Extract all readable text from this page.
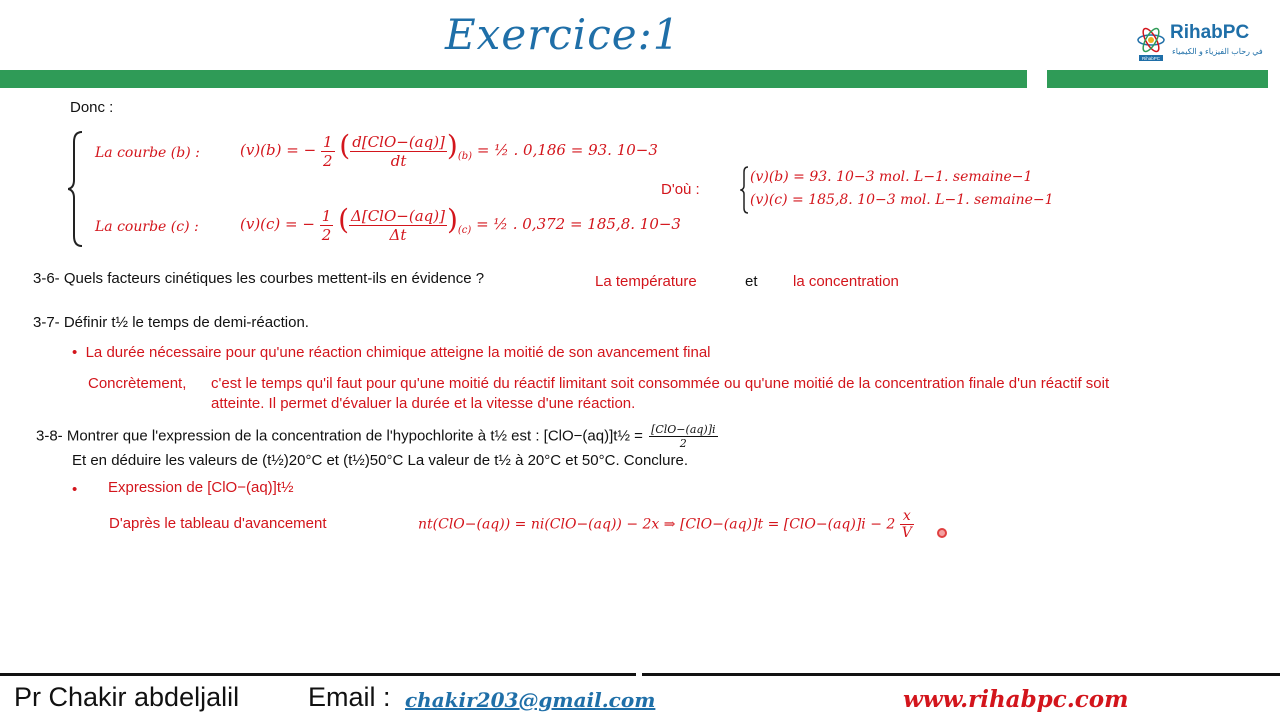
Exercice:1	RihabPC
RihabPC
في رحاب الفيزياء و الكيمياء
Donc :
La courbe (b) :	(v)(b) = − $\frac{1}{2}$ ( $\frac{\text{d[ClO−(aq)]}}{dt} )_{(b)}$ = ½ . 0,186 = 93. 10−3
La courbe (c) :	(v)(c) = − $\frac{1}{2}$ ( $\frac{\text{Δ[ClO−(aq)]}}{\Delta t} )_{(c)}$ = ½ . 0,372 = 185,8. 10−3
D'où :
(v)(b) = 93. 10−3 mol. L−1. semaine−1
(v)(c) = 185,8. 10−3 mol. L−1. semaine−1
3-6- Quels facteurs cinétiques les courbes mettent-ils en évidence ?	La température	et la concentration
3-7- Définir t½ le temps de demi-réaction.
•  La durée nécessaire pour qu'une réaction chimique atteigne la moitié de son avancement final
Concrètement, c'est le temps qu'il faut pour qu'une moitié du réactif limitant soit consommée ou qu'une moitié de la concentration finale d'un réactif soit
atteinte. Il permet d'évaluer la durée et la vitesse d'une réaction.
3-8- Montrer que l'expression de la concentration de l'hypochlorite à t½ est : [ClO−(aq)]t½ = $\frac{\text{[ClO−(aq)]i}}{2}$
Et en déduire les valeurs de (t½)20°C et (t½)50°C La valeur de t½ à 20°C et 50°C. Conclure.
• Expression de [ClO−(aq)]t½
D'après le tableau d'avancement	nt(ClO−(aq)) = ni(ClO−(aq)) − 2x ⇒ $[ClO-(aq)]t = [ClO-(aq)]i - 2 \frac{x}{V}$
Pr Chakir abdeljalil	Email : chakir203@gmail.com	www.rihabpc.com
